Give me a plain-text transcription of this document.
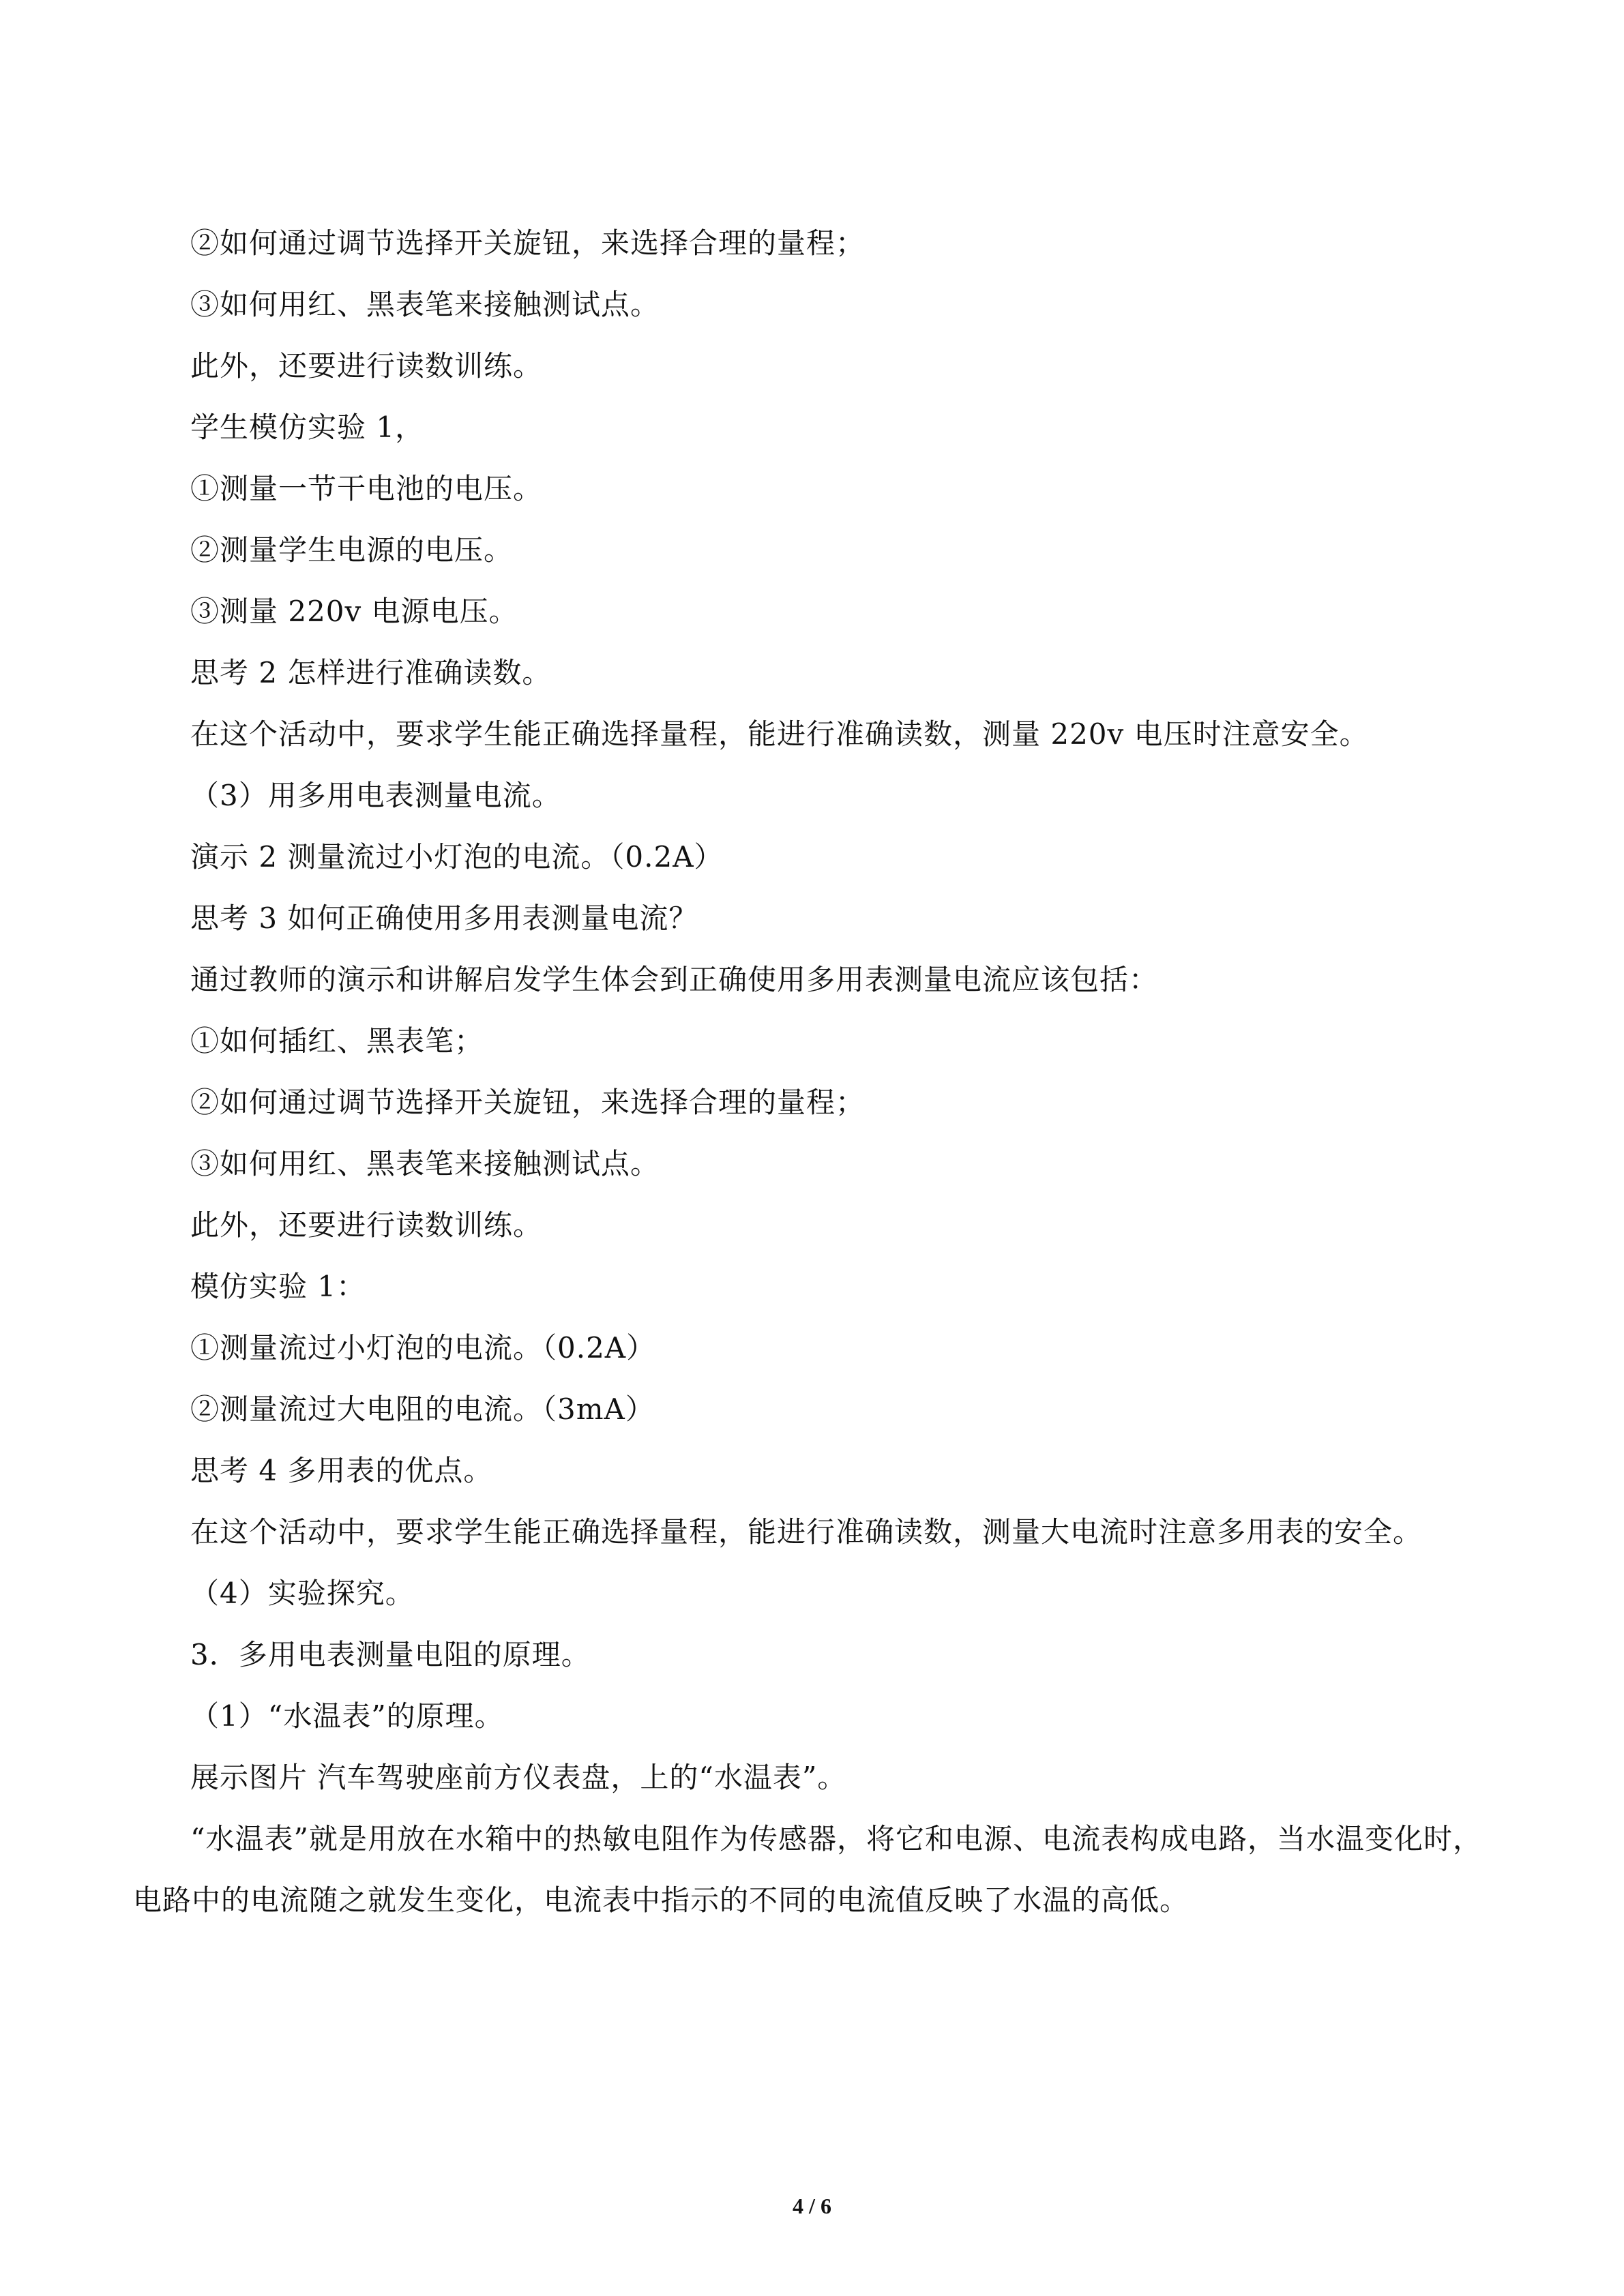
②如何通过调节选择开关旋钮，来选择合理的量程；

③如何用红、黑表笔来接触测试点。

此外，还要进行读数训练。

学生模仿实验 1，

①测量一节干电池的电压。

②测量学生电源的电压。

③测量 220v 电源电压。

思考 2 怎样进行准确读数。

在这个活动中，要求学生能正确选择量程，能进行准确读数，测量 220v 电压时注意安全。

（3）用多用电表测量电流。

演示 2 测量流过小灯泡的电流。（0.2A）

思考 3 如何正确使用多用表测量电流？

通过教师的演示和讲解启发学生体会到正确使用多用表测量电流应该包括：

①如何插红、黑表笔；

②如何通过调节选择开关旋钮，来选择合理的量程；

③如何用红、黑表笔来接触测试点。

此外，还要进行读数训练。

模仿实验 1：

①测量流过小灯泡的电流。（0.2A）

②测量流过大电阻的电流。（3mA）

思考 4 多用表的优点。

在这个活动中，要求学生能正确选择量程，能进行准确读数，测量大电流时注意多用表的安全。

（4）实验探究。

3．多用电表测量电阻的原理。

（1）“水温表”的原理。

展示图片 汽车驾驶座前方仪表盘，上的“水温表”。

“水温表”就是用放在水箱中的热敏电阻作为传感器，将它和电源、电流表构成电路，当水温变化时，电路中的电流随之就发生变化，电流表中指示的不同的电流值反映了水温的高低。

4 / 6
